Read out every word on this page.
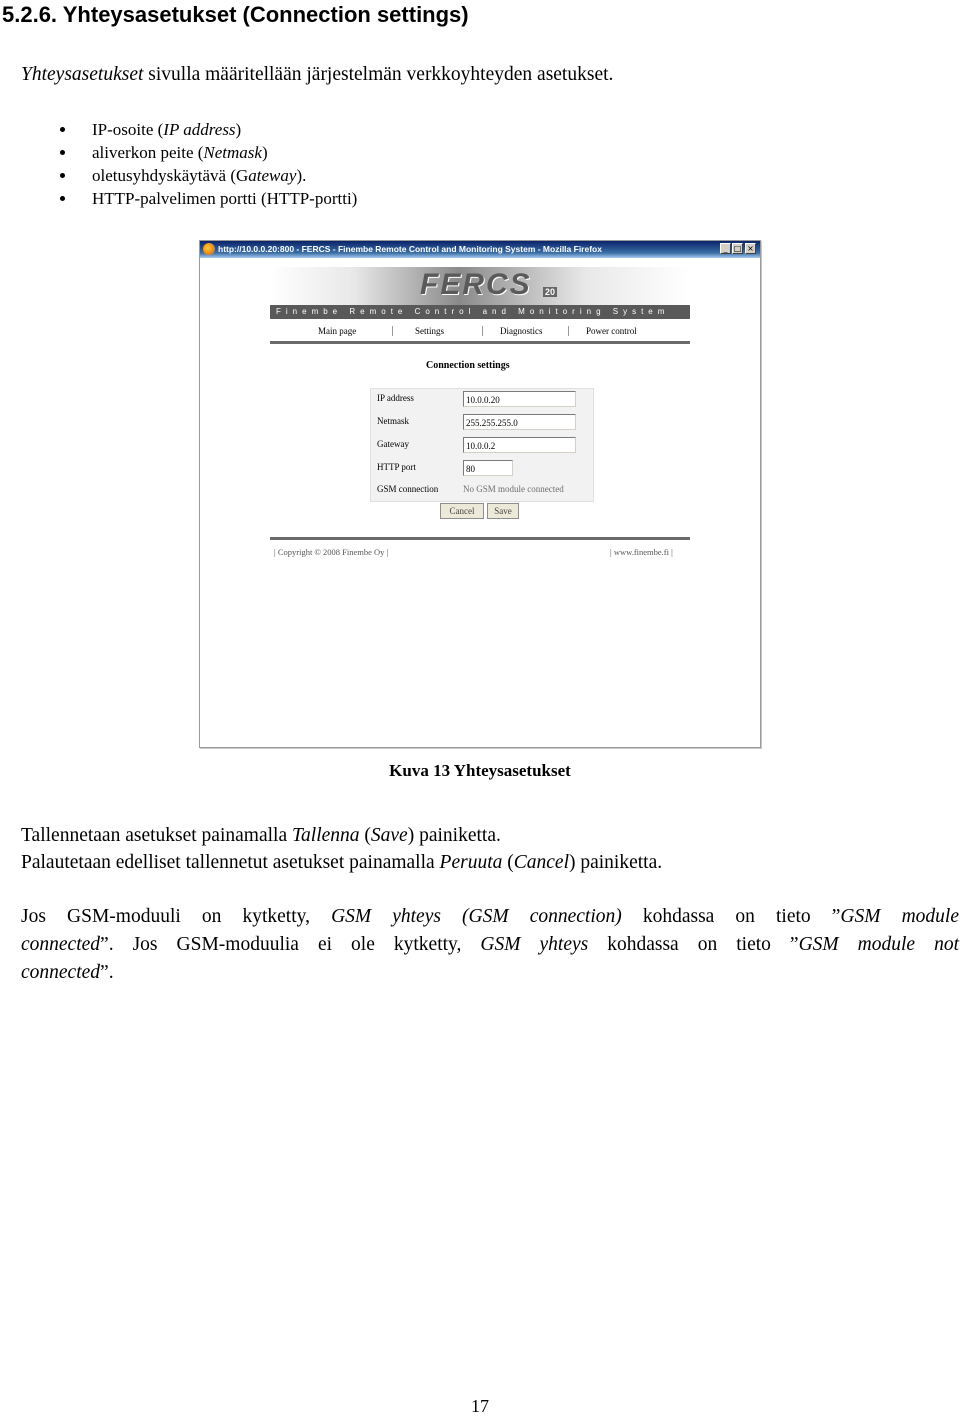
5.2.6. Yhteysasetukset (Connection settings)
Yhteysasetukset sivulla määritellään järjestelmän verkkoyhteyden asetukset.
IP-osoite (IP address)
aliverkon peite (Netmask)
oletusyhdyskäytävä (Gateway).
HTTP-palvelimen portti (HTTP-portti)
http://10.0.0.20:800 - FERCS - Finembe Remote Control and Monitoring System - Mozilla Firefox	_ □ ×
FERCS 20
Finembe Remote Control and Monitoring System
Main page	Settings	Diagnostics	Power control
Connection settings
IP address	10.0.0.20
Netmask	255.255.255.0
Gateway	10.0.0.2
HTTP port	80
GSM connection	No GSM module connected
Cancel	Save
| Copyright © 2008 Finembe Oy |	| www.finembe.fi |
Kuva 13 Yhteysasetukset
Tallennetaan asetukset painamalla Tallenna (Save) painiketta.
Palautetaan edelliset tallennetut asetukset painamalla Peruuta (Cancel) painiketta.
Jos GSM-moduuli on kytketty, GSM yhteys (GSM connection) kohdassa on tieto ”GSM module
connected”. Jos GSM-moduulia ei ole kytketty, GSM yhteys kohdassa on tieto ”GSM module not
connected”.
17
